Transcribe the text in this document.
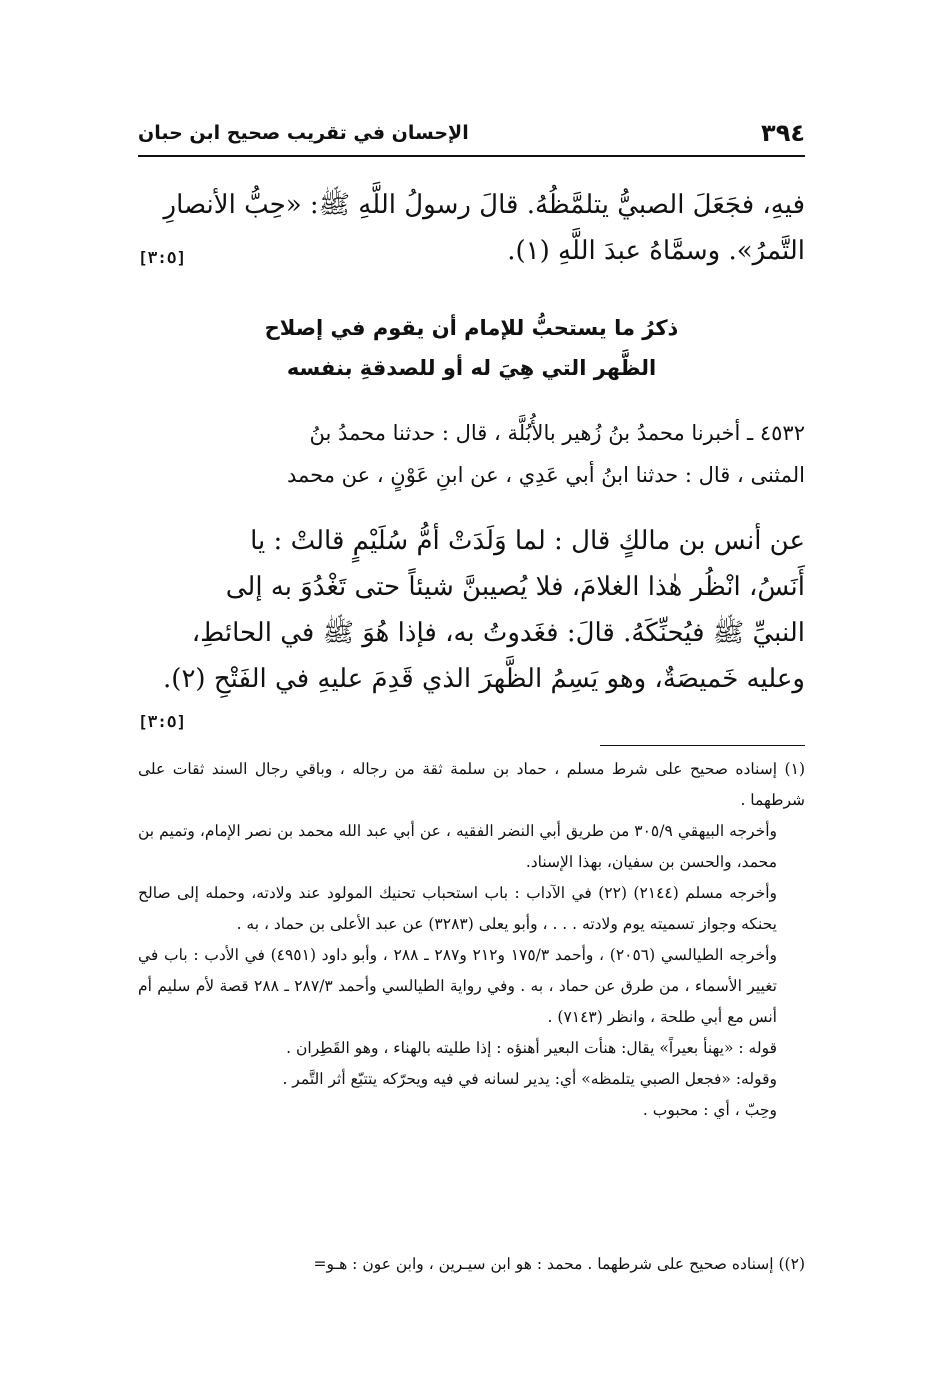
٣٩٤
الإحسان في تقريب صحيح ابن حبان
فيهِ، فجَعَلَ الصبيُّ يتلمَّظُهُ. قالَ رسولُ اللَّهِ ﷺ: «حِبُّ الأنصارِ
التَّمرُ». وسمَّاهُ عبدَ اللَّهِ (١).
[٣:٥]
ذكرُ ما يستحبُّ للإمام أن يقوم في إصلاح
الظَّهر التي هِيَ له أو للصدقةِ بنفسه
٤٥٣٢ ـ أخبرنا محمدُ بنُ زُهير بالأُبُلَّة ، قال : حدثنا محمدُ بنُ
المثنى ، قال : حدثنا ابنُ أبي عَدِي ، عن ابنِ عَوْنٍ ، عن محمد
عن أنس بن مالكٍ قال : لما وَلَدَتْ أمُّ سُلَيْمٍ قالتْ : يا
أَنَسُ، انْظُر هٰذا الغلامَ، فلا يُصيبنَّ شيئاً حتى تَغْدُوَ به إلى
النبيِّ ﷺ فيُحنِّكَهُ. قالَ: فغَدوتُ به، فإذا هُوَ ﷺ في الحائطِ،
وعليه خَميصَةٌ، وهو يَسِمُ الظَّهرَ الذي قَدِمَ عليهِ في الفَتْحِ (٢).
[٣:٥]

(١) إسناده صحيح على شرط مسلم ، حماد بن سلمة ثقة من رجاله ، وباقي رجال السند ثقات على شرطهما .

وأخرجه البيهقي ٣٠٥/٩ من طريق أبي النضر الفقيه ، عن أبي عبد الله محمد بن نصر الإمام، وتميم بن محمد، والحسن بن سفيان، بهذا الإسناد.

وأخرجه مسلم (٢١٤٤) (٢٢) في الآداب : باب استحباب تحنيك المولود عند ولادته، وحمله إلى صالح يحنكه وجواز تسميته يوم ولادته . . . ، وأبو يعلى (٣٢٨٣) عن عبد الأعلى بن حماد ، به .

وأخرجه الطيالسي (٢٠٥٦) ، وأحمد ١٧٥/٣ و٢١٢ و٢٨٧ ـ ٢٨٨ ، وأبو داود (٤٩٥١) في الأدب : باب في تغيير الأسماء ، من طرق عن حماد ، به . وفي رواية الطيالسي وأحمد ٢٨٧/٣ ـ ٢٨٨ قصة لأم سليم أم أنس مع أبي طلحة ، وانظر (٧١٤٣) .

قوله : «يهنأ بعيراً» يقال: هنأت البعير أهنؤه : إذا طليته بالهناء ، وهو القَطِران .

وقوله: «فجعل الصبي يتلمظه» أي: يدير لسانه في فيه ويحرّكه يتتبّع أثر التَّمر .

وحِبّ ، أي : محبوب .

(٢)) إسناده صحيح على شرطهما . محمد : هو ابن سيـرين ، وابن عون : هـو=
